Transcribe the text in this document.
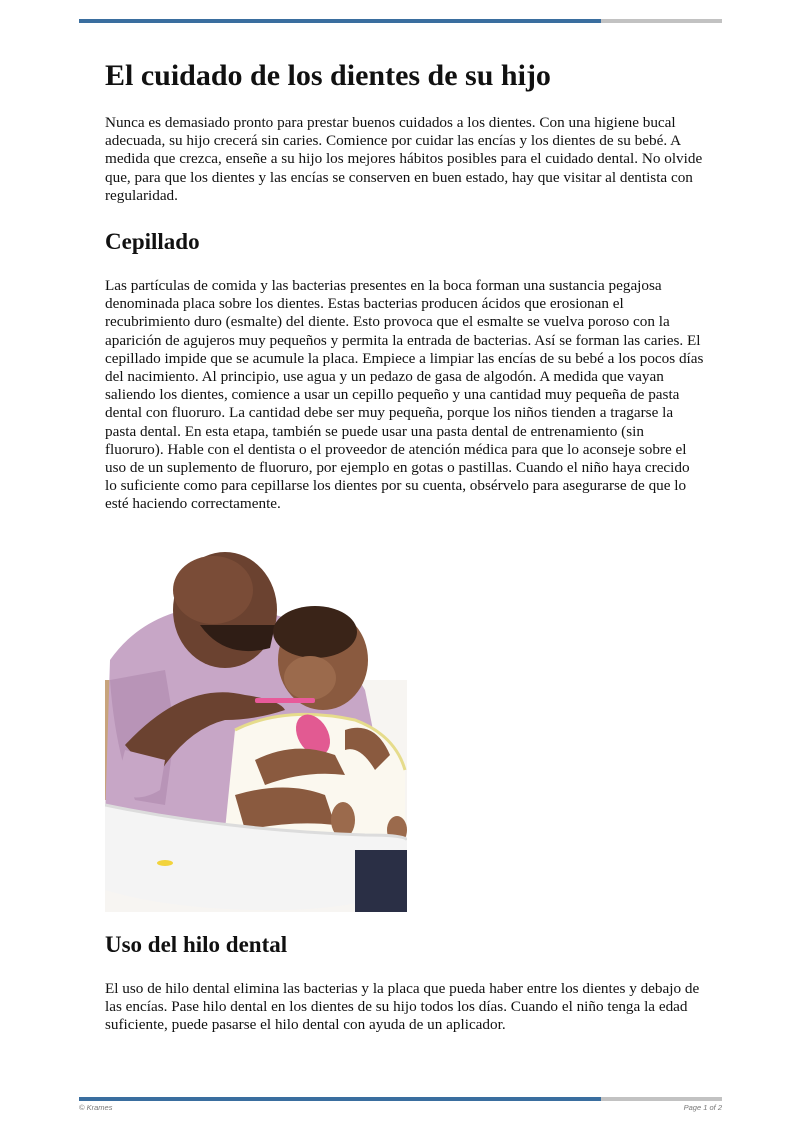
El cuidado de los dientes de su hijo

Nunca es demasiado pronto para prestar buenos cuidados a los dientes. Con una higiene bucal adecuada, su hijo crecerá sin caries. Comience por cuidar las encías y los dientes de su bebé. A medida que crezca, enseñe a su hijo los mejores hábitos posibles para el cuidado dental. No olvide que, para que los dientes y las encías se conserven en buen estado, hay que visitar al dentista con regularidad.

Cepillado

Las partículas de comida y las bacterias presentes en la boca forman una sustancia pegajosa denominada placa sobre los dientes. Estas bacterias producen ácidos que erosionan el recubrimiento duro (esmalte) del diente. Esto provoca que el esmalte se vuelva poroso con la aparición de agujeros muy pequeños y permita la entrada de bacterias. Así se forman las caries. El cepillado impide que se acumule la placa. Empiece a limpiar las encías de su bebé a los pocos días del nacimiento. Al principio, use agua y un pedazo de gasa de algodón. A medida que vayan saliendo los dientes, comience a usar un cepillo pequeño y una cantidad muy pequeña de pasta dental con fluoruro. La cantidad debe ser muy pequeña, porque los niños tienden a tragarse la pasta dental. En esta etapa, también se puede usar una pasta dental de entrenamiento (sin fluoruro). Hable con el dentista o el proveedor de atención médica para que lo aconseje sobre el uso de un suplemento de fluoruro, por ejemplo en gotas o pastillas. Cuando el niño haya crecido lo suficiente como para cepillarse los dientes por su cuenta, obsérvelo para asegurarse de que lo esté haciendo correctamente.

Uso del hilo dental

El uso de hilo dental elimina las bacterias y la placa que pueda haber entre los dientes y debajo de las encías. Pase hilo dental en los dientes de su hijo todos los días. Cuando el niño tenga la edad suficiente, puede pasarse el hilo dental con ayuda de un aplicador.

© Krames	Page 1 of 2
